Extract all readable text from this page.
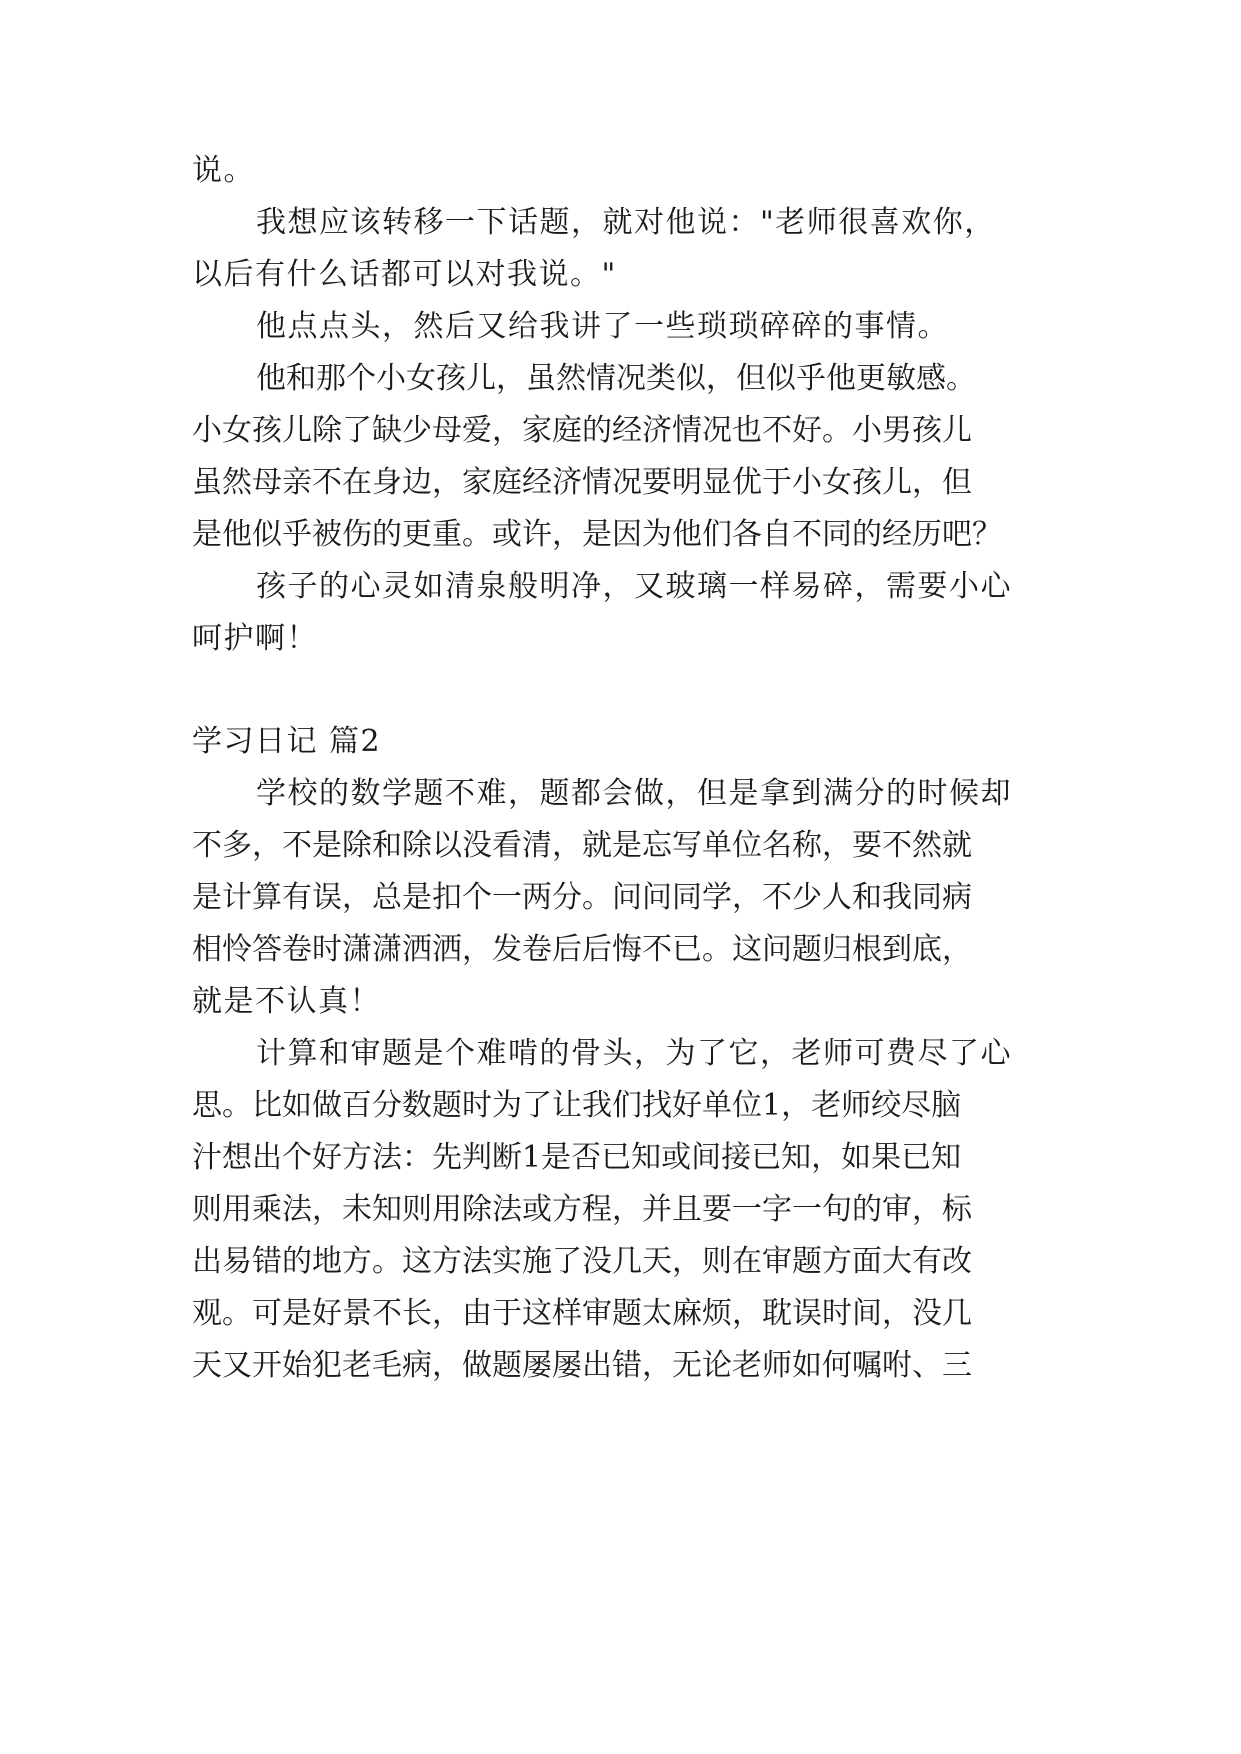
说。
我想应该转移一下话题，就对他说："老师很喜欢你，
以后有什么话都可以对我说。"
他点点头，然后又给我讲了一些琐琐碎碎的事情。
他和那个小女孩儿，虽然情况类似，但似乎他更敏感。
小女孩儿除了缺少母爱，家庭的经济情况也不好。小男孩儿
虽然母亲不在身边，家庭经济情况要明显优于小女孩儿，但
是他似乎被伤的更重。或许，是因为他们各自不同的经历吧？
孩子的心灵如清泉般明净，又玻璃一样易碎，需要小心
呵护啊！
学习日记 篇2
学校的数学题不难，题都会做，但是拿到满分的时候却
不多，不是除和除以没看清，就是忘写单位名称，要不然就
是计算有误，总是扣个一两分。问问同学，不少人和我同病
相怜答卷时潇潇洒洒，发卷后后悔不已。这问题归根到底，
就是不认真！
计算和审题是个难啃的骨头，为了它，老师可费尽了心
思。比如做百分数题时为了让我们找好单位1，老师绞尽脑
汁想出个好方法：先判断1是否已知或间接已知，如果已知
则用乘法，未知则用除法或方程，并且要一字一句的审，标
出易错的地方。这方法实施了没几天，则在审题方面大有改
观。可是好景不长，由于这样审题太麻烦，耽误时间，没几
天又开始犯老毛病，做题屡屡出错，无论老师如何嘱咐、三
